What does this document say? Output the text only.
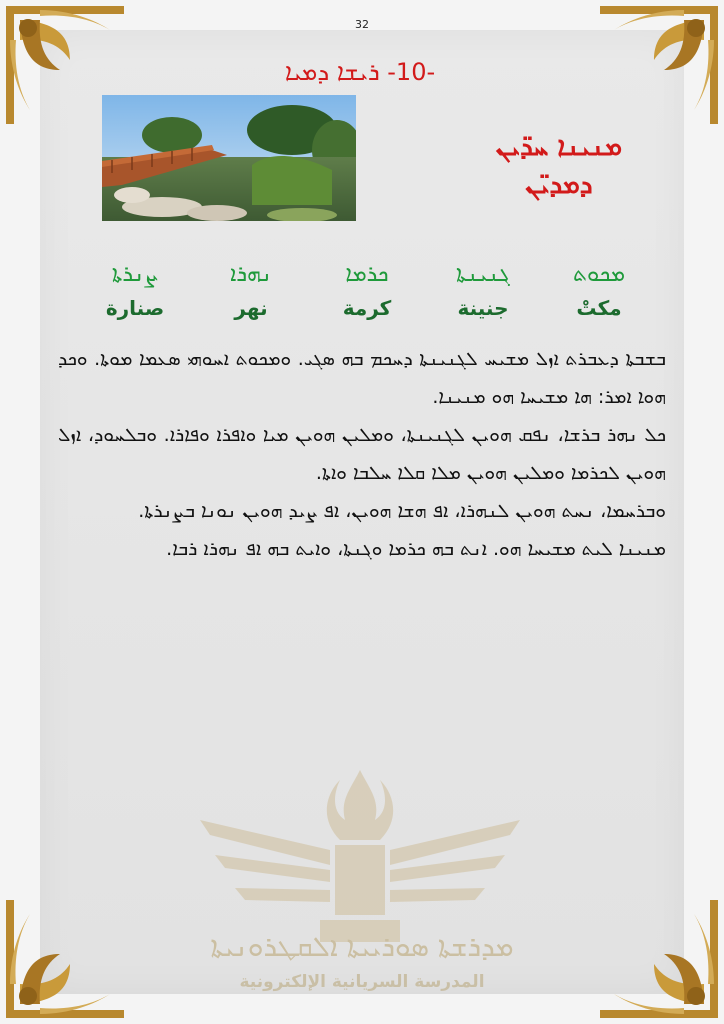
32
-10- ܪܝܫܐ ܕܡܝܐ
ܡܢܝܢܐ ܚܕ̈ܝܢ
ܕܡܕܝ̈ܢ
ܡܟܘܬ
ܓܢܝܢܬܐ
ܟܪܡܐ
ܢܗܪܐ
ܨܢܪܬܐ
مكتْ
جنينة
كرمة
نهر
صنارة

ܒܫܒܬܐ ܕܥܒܪܬ ܐܙܠ ܡܫܝܚ ܠܓܢܝܢܬܐ ܕܚܟܡ ܒܗ ܣܓܝ. ܘܡܟܘܬ ܐܚܘܗܝ ܣܥܡܐ ܡܘܬܐ. ܘܟܕ ܗܘܐ ܐܡܪ: ܗܐ ܡܫܝܚܐ ܗܘ ܡܢܝܢܐ.

ܟܠ ܢܗܪ ܒܪܫܐ، ܢܦܩ ܗܘܝܢ ܠܓܢܝܢܬܐ، ܘܡܠܝܢ ܗܘܝܢ ܡܝܐ ܘܐܦܪܐ ܘܦܐܪܐ. ܘܒܠܚܘܕ، ܐܙܠ ܗܘܝܢ ܠܟܪܡܐ ܘܡܠܝܢ ܗܘܝܢ ܡܠܐ ܩܠܐ ܚܠܒܐ ܘܐܬܐ.

ܘܒܪܚܡܐ، ܢܚܬ ܗܘܝܢ ܠܢܗܪܐ، ܐܦ ܗܫܐ ܗܘܝܢ، ܐܦ ܨܝܕ ܗܘܝܢ ܢܘܢܐ ܒܨܢܪܬܐ.

ܡܢܝܢܐ ܠܝܬ ܡܫܝܚܐ ܗܘ. ܐܢܬ ܒܗ ܟܪܡܐ ܘܓܢܬܐ، ܘܐܝܬ ܒܗ ܐܦ ܢܗܪܐ ܪܒܐ.

ܡܕܪܫܬܐ ܣܘܪܝܝܬܐ ܐܠܩܛܪܘܢܝܬܐ
المدرسة السريانية الإلكترونية
